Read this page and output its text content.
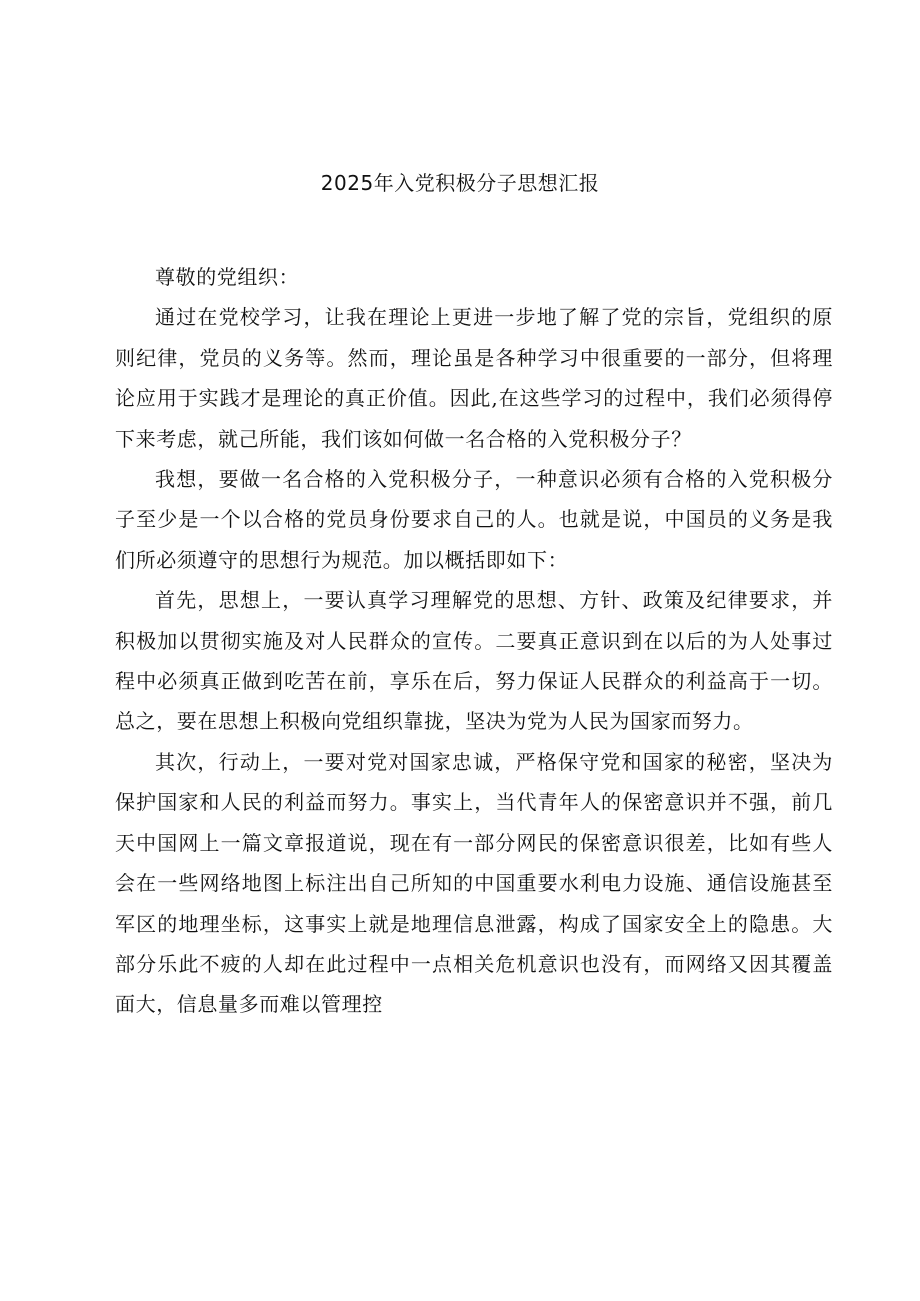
2025年入党积极分子思想汇报

尊敬的党组织：

通过在党校学习，让我在理论上更进一步地了解了党的宗旨，党组织的原则纪律，党员的义务等。然而，理论虽是各种学习中很重要的一部分，但将理论应用于实践才是理论的真正价值。因此,在这些学习的过程中，我们必须得停下来考虑，就己所能，我们该如何做一名合格的入党积极分子？

我想，要做一名合格的入党积极分子，一种意识必须有合格的入党积极分子至少是一个以合格的党员身份要求自己的人。也就是说，中国员的义务是我们所必须遵守的思想行为规范。加以概括即如下：

首先，思想上，一要认真学习理解党的思想、方针、政策及纪律要求，并积极加以贯彻实施及对人民群众的宣传。二要真正意识到在以后的为人处事过程中必须真正做到吃苦在前，享乐在后，努力保证人民群众的利益高于一切。总之，要在思想上积极向党组织靠拢，坚决为党为人民为国家而努力。

其次，行动上，一要对党对国家忠诚，严格保守党和国家的秘密，坚决为保护国家和人民的利益而努力。事实上，当代青年人的保密意识并不强，前几天中国网上一篇文章报道说，现在有一部分网民的保密意识很差，比如有些人会在一些网络地图上标注出自己所知的中国重要水利电力设施、通信设施甚至军区的地理坐标，这事实上就是地理信息泄露，构成了国家安全上的隐患。大部分乐此不疲的人却在此过程中一点相关危机意识也没有，而网络又因其覆盖面大，信息量多而难以管理控
